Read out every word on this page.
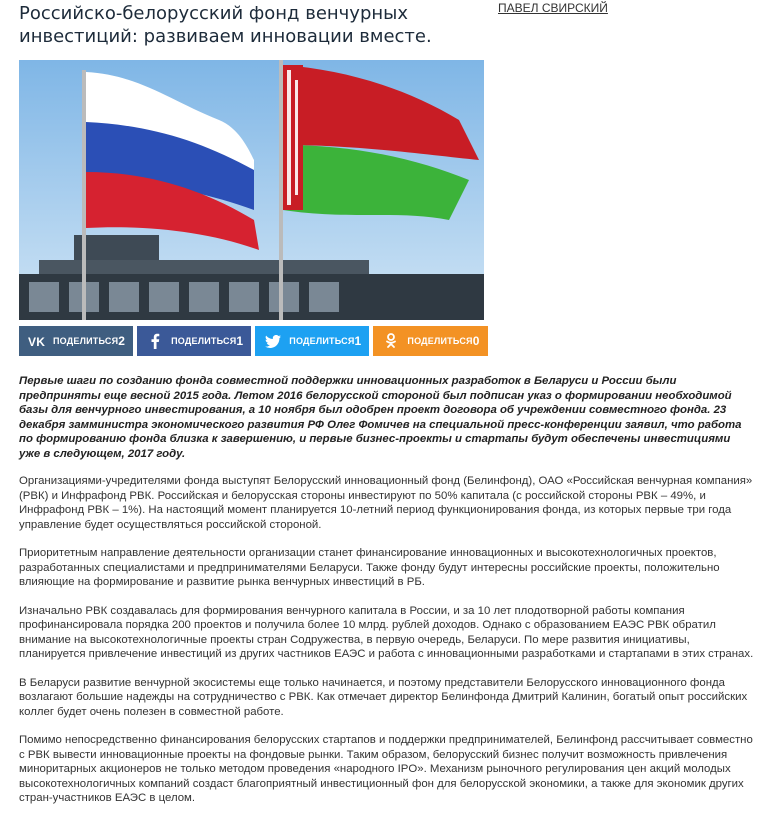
Российско-белорусский фонд венчурных инвестиций: развиваем инновации вместе.
ПАВЕЛ СВИРСКИЙ
VK ПОДЕЛИТЬСЯ 2	ПОДЕЛИТЬСЯ 1	ПОДЕЛИТЬСЯ 1	ПОДЕЛИТЬСЯ 0

Первые шаги по созданию фонда совместной поддержки инновационных разработок в Беларуси и России были предприняты еще весной 2015 года. Летом 2016 белорусской стороной был подписан указ о формировании необходимой базы для венчурного инвестирования, а 10 ноября был одобрен проект договора об учреждении совместного фонда. 23 декабря замминистра экономического развития РФ Олег Фомичев на специальной пресс-конференции заявил, что работа по формированию фонда близка к завершению, и первые бизнес-проекты и стартапы будут обеспечены инвестициями уже в следующем, 2017 году.

Организациями-учредителями фонда выступят Белорусский инновационный фонд (Белинфонд), ОАО «Российская венчурная компания» (РВК) и Инфрафонд РВК. Российская и белорусская стороны инвестируют по 50% капитала (с российской стороны РВК – 49%, и Инфрафонд РВК – 1%). На настоящий момент планируется 10-летний период функционирования фонда, из которых первые три года управление будет осуществляться российской стороной.

Приоритетным направление деятельности организации станет финансирование инновационных и высокотехнологичных проектов, разработанных специалистами и предпринимателями Беларуси. Также фонду будут интересны российские проекты, положительно влияющие на формирование и развитие рынка венчурных инвестиций в РБ.

Изначально РВК создавалась для формирования венчурного капитала в России, и за 10 лет плодотворной работы компания профинансировала порядка 200 проектов и получила более 10 млрд. рублей доходов. Однако с образованием ЕАЭС РВК обратил внимание на высокотехнологичные проекты стран Содружества, в первую очередь, Беларуси. По мере развития инициативы, планируется привлечение инвестиций из других частников ЕАЭС и работа с инновационными разработками и стартапами в этих странах.

В Беларуси развитие венчурной экосистемы еще только начинается, и поэтому представители Белорусского инновационного фонда возлагают большие надежды на сотрудничество с РВК. Как отмечает директор Белинфонда Дмитрий Калинин, богатый опыт российских коллег будет очень полезен в совместной работе.

Помимо непосредственно финансирования белорусских стартапов и поддержки предпринимателей, Белинфонд рассчитывает совместно с РВК вывести инновационные проекты на фондовые рынки. Таким образом, белорусский бизнес получит возможность привлечения миноритарных акционеров не только методом проведения «народного IPO». Механизм рыночного регулирования цен акций молодых высокотехнологичных компаний создаст благоприятный инвестиционный фон для белорусской экономики, а также для экономик других стран-участников ЕАЭС в целом.
